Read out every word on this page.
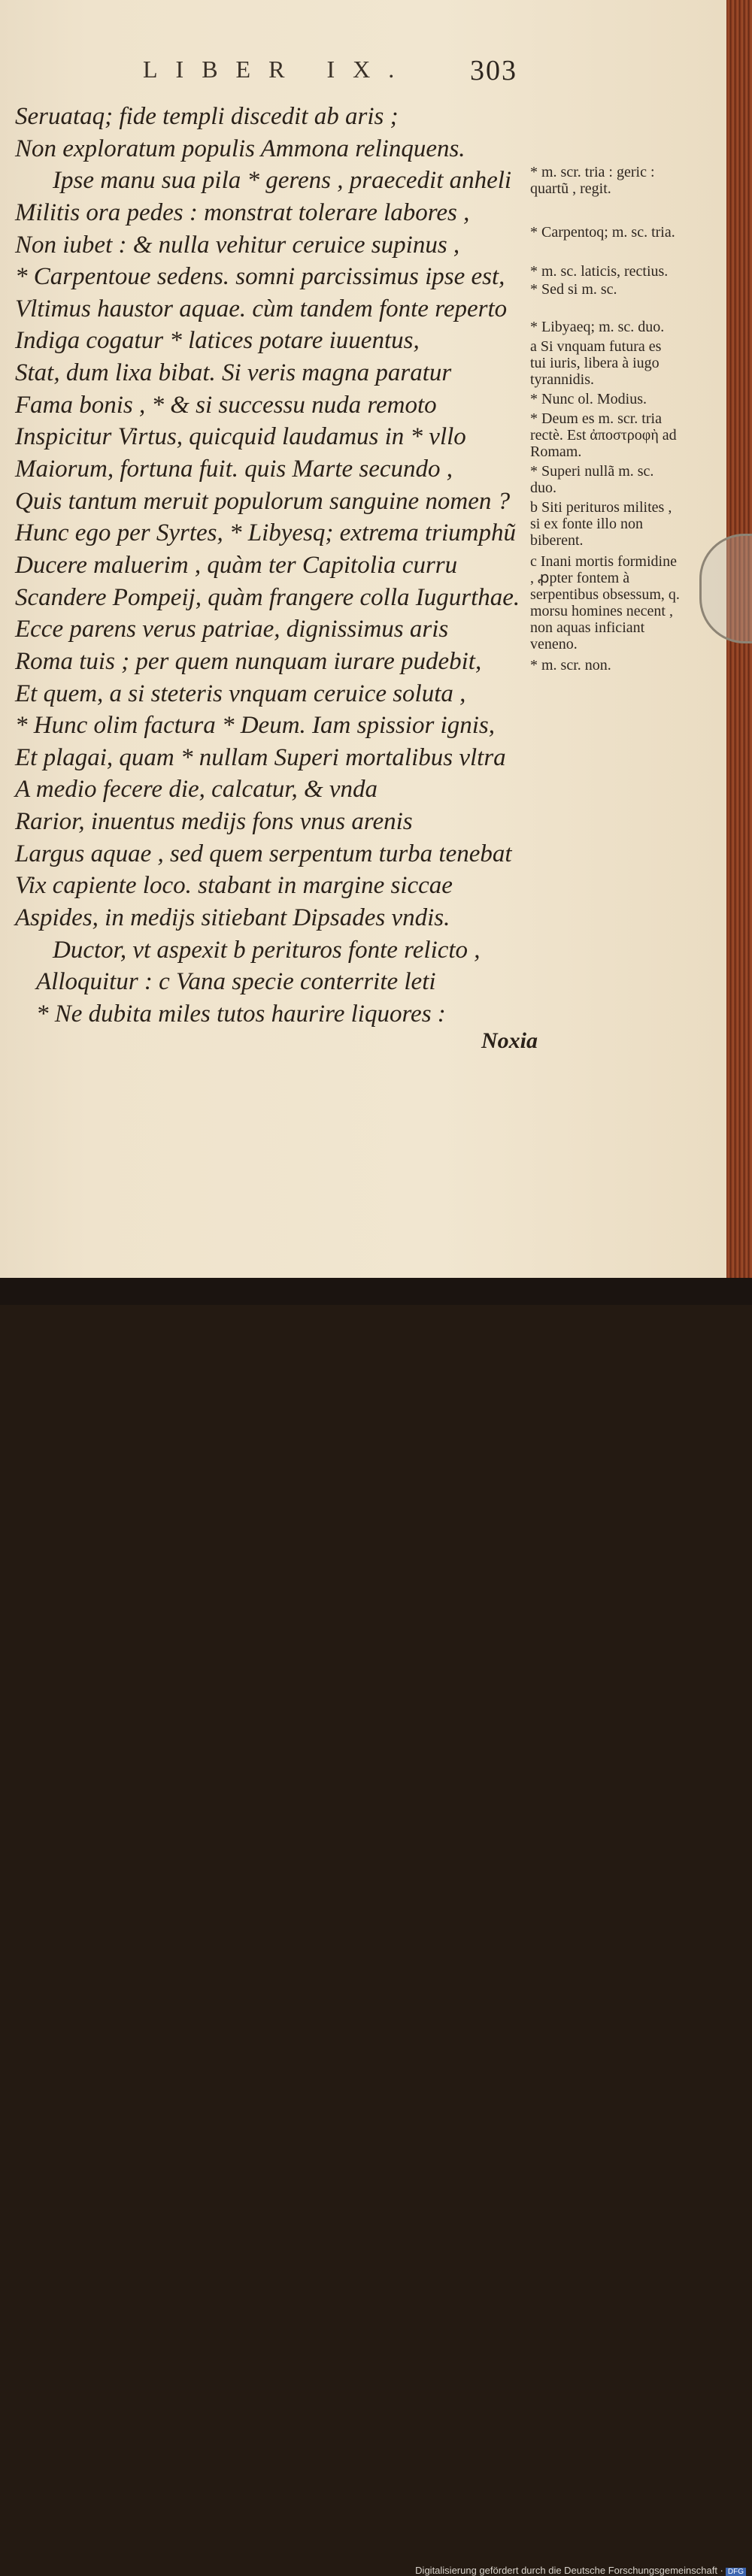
LIBER IX. 303
Seruataq; fide templi discedit ab aris ;
Non exploratum populis Ammona relinquens.
Ipse manu sua pila * gerens , praecedit anheli
Militis ora pedes : monstrat tolerare labores ,
Non iubet : & nulla vehitur ceruice supinus ,
* Carpentoue sedens. somni parcissimus ipse est,
Vltimus haustor aquae. cùm tandem fonte reperto
Indiga cogatur * latices potare iuuentus,
Stat, dum lixa bibat. Si veris magna paratur
Fama bonis , * & si successu nuda remoto
Inspicitur Virtus, quicquid laudamus in * vllo
Maiorum, fortuna fuit. quis Marte secundo ,
Quis tantum meruit populorum sanguine nomen ?
Hunc ego per Syrtes, * Libyesq; extrema triumphũ
Ducere maluerim , quàm ter Capitolia curru
Scandere Pompeij, quàm frangere colla Iugurthae.
Ecce parens verus patriae, dignissimus aris
Roma tuis ; per quem nunquam iurare pudebit,
Et quem, a si steteris vnquam ceruice soluta ,
* Hunc olim factura * Deum. Iam spissior ignis,
Et plagai, quam * nullam Superi mortalibus vltra
A medio fecere die, calcatur, & vnda
Rarior, inuentus medijs fons vnus arenis
Largus aquae , sed quem serpentum turba tenebat
Vix capiente loco. stabant in margine siccae
Aspides, in medijs sitiebant Dipsades vndis.
Ductor, vt aspexit b perituros fonte relicto ,
Alloquitur : c Vana specie conterrite leti
* Ne dubita miles tutos haurire liquores :

* m. scr. tria : geric : quartũ , regit.

* Carpentoq; m. sc. tria.

* m. sc. laticis, rectius.

* Sed si m. sc.

* Libyaeq; m. sc. duo.

a Si vnquam futura es tui iuris, libera à iugo tyrannidis.

* Nunc ol. Modius.

* Deum es m. scr. tria rectè. Est ἀποστροφὴ ad Romam.

* Superi nullã m. sc. duo.

b Siti perituros milites , si ex fonte illo non biberent.

c Inani mortis formidine , ꝓpter fontem à serpentibus obsessum, q. morsu homines necent , non aquas inficiant veneno.

* m. scr. non.

Noxia
Digitalisierung gefördert durch die Deutsche Forschungsgemeinschaft · DFG
